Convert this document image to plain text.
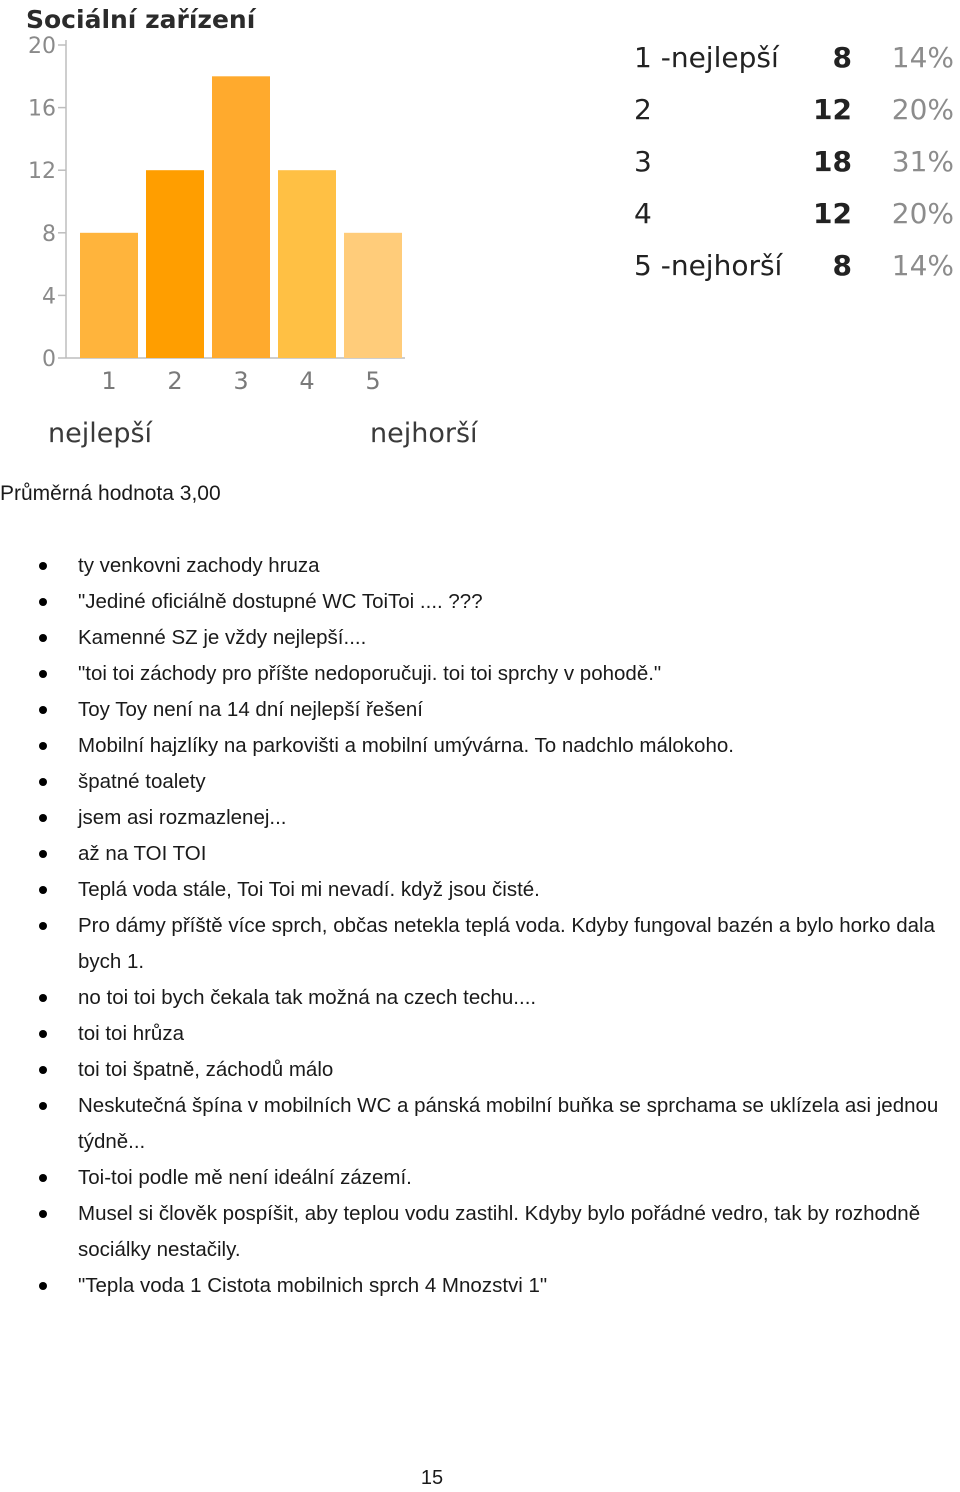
Sociální zařízení
0
4
8
12
16
20
1 2 3 4 5
nejlepší	nejhorší
1 -nejlepší 8 14%
2	12 20%
3	18 31%
4	12 20%
5 -nejhorší 8 14%

Průměrná hodnota 3,00

ty venkovni zachody hruza
"Jediné oficiálně dostupné WC ToiToi .... ???
Kamenné SZ je vždy nejlepší....
"toi toi záchody pro příšte nedoporučuji. toi toi sprchy v pohodě."
Toy Toy není na 14 dní nejlepší řešení
Mobilní hajzlíky na parkovišti a mobilní umývárna. To nadchlo málokoho.
špatné toalety
jsem asi rozmazlenej...
až na TOI TOI
Teplá voda stále, Toi Toi mi nevadí. když jsou čisté.
Pro dámy příště více sprch, občas netekla teplá voda. Kdyby fungoval bazén a bylo horko dala bych 1.
no toi toi bych čekala tak možná na czech techu....
toi toi hrůza
toi toi špatně, záchodů málo
Neskutečná špína v mobilních WC a pánská mobilní buňka se sprchama se uklízela asi jednou týdně...
Toi-toi podle mě není ideální zázemí.
Musel si člověk pospíšit, aby teplou vodu zastihl. Kdyby bylo pořádné vedro, tak by rozhodně sociálky nestačily.
"Tepla voda 1 Cistota mobilnich sprch 4 Mnozstvi 1"

15
